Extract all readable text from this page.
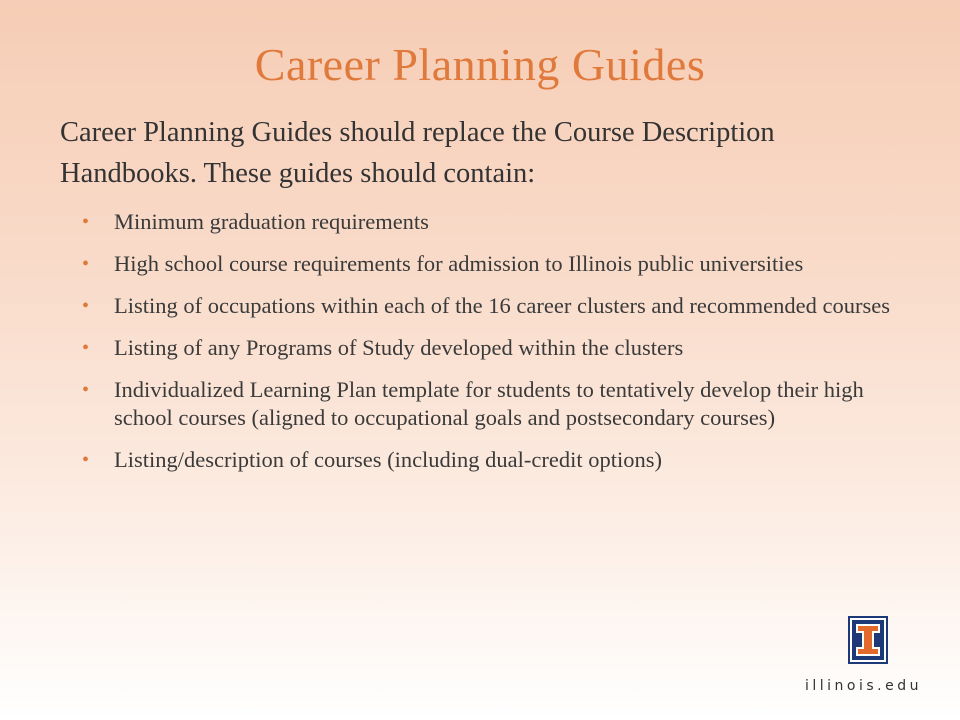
Career Planning Guides
Career Planning Guides should replace the Course Description Handbooks. These guides should contain:
• Minimum graduation requirements
• High school course requirements for admission to Illinois public universities
• Listing of occupations within each of the 16 career clusters and recommended courses
• Listing of any Programs of Study developed within the clusters
• Individualized Learning Plan template for students to tentatively develop their high school courses (aligned to occupational goals and postsecondary courses)
• Listing/description of courses (including dual-credit options)
illinois.edu
